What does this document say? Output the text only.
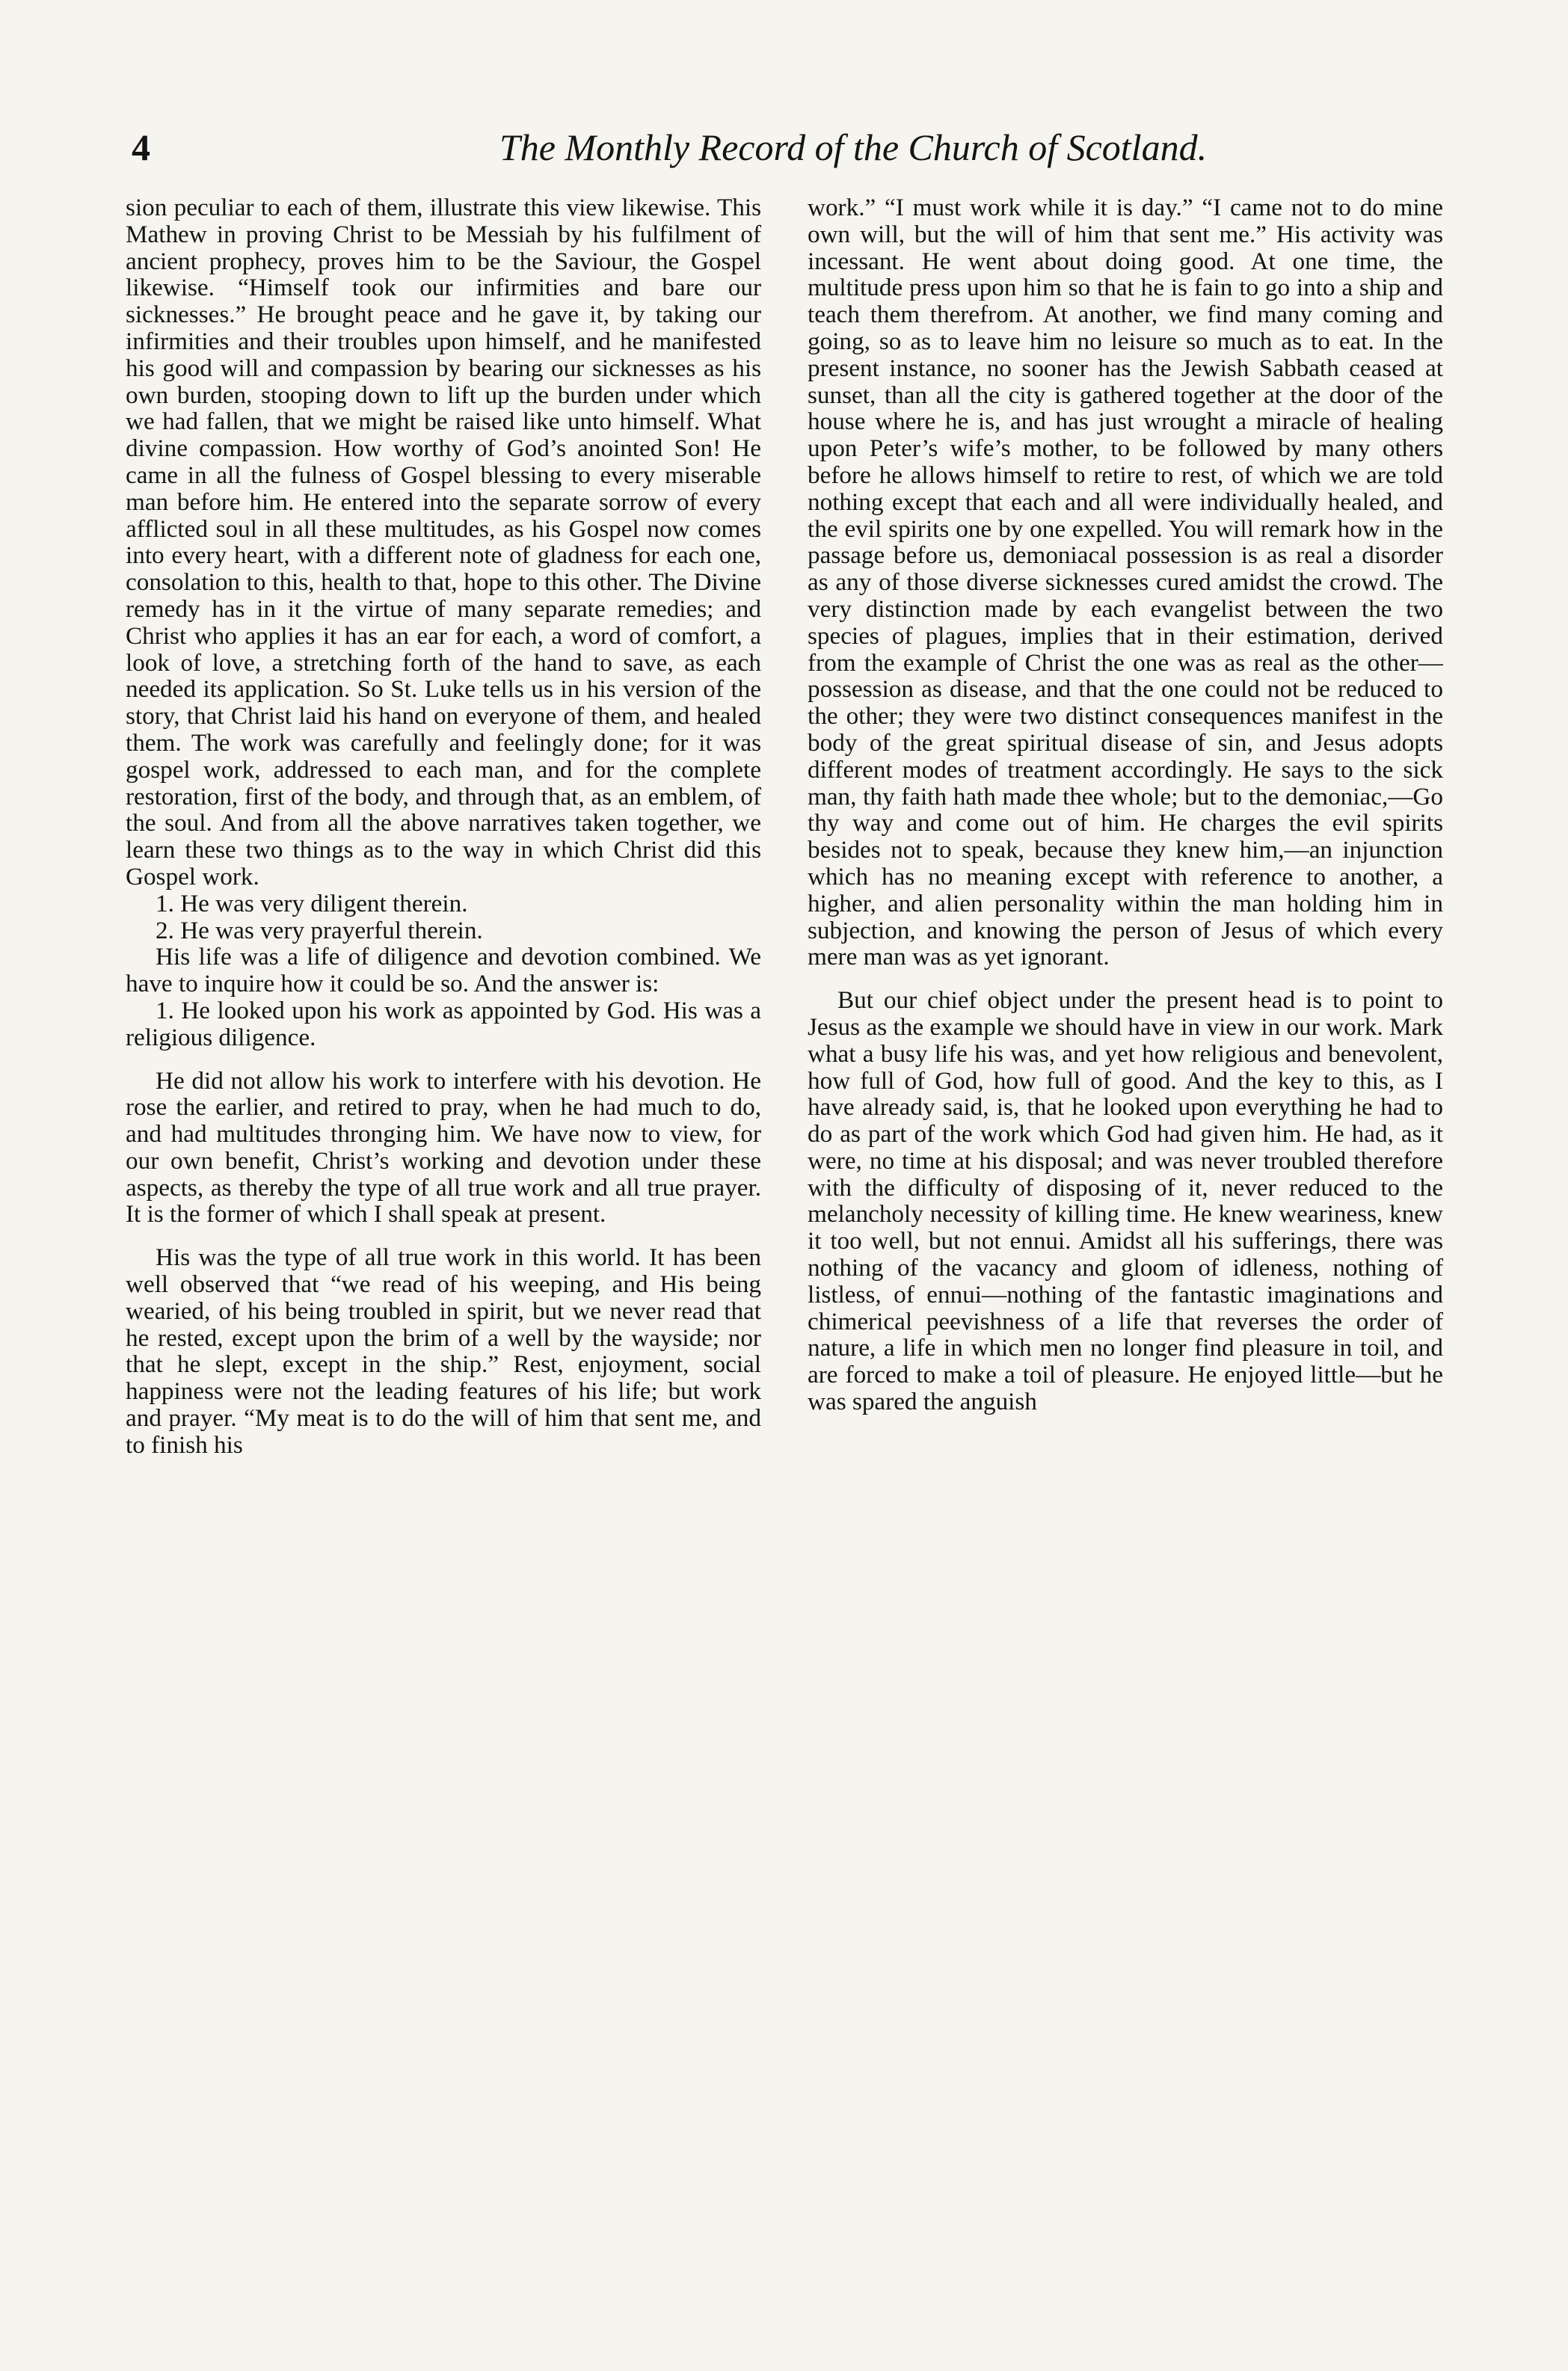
4	The Monthly Record of the Church of Scotland.

sion peculiar to each of them, illustrate this view likewise. This Mathew in proving Christ to be Messiah by his fulfilment of ancient prophecy, proves him to be the Saviour, the Gospel likewise. “Himself took our infirmities and bare our sicknesses.” He brought peace and he gave it, by taking our infirmities and their troubles upon himself, and he manifested his good will and compassion by bearing our sicknesses as his own burden, stooping down to lift up the burden under which we had fallen, that we might be raised like unto himself. What divine compassion. How worthy of God’s anointed Son! He came in all the fulness of Gospel blessing to every miserable man before him. He entered into the separate sorrow of every afflicted soul in all these multitudes, as his Gospel now comes into every heart, with a different note of gladness for each one, consolation to this, health to that, hope to this other. The Divine remedy has in it the virtue of many separate remedies; and Christ who applies it has an ear for each, a word of comfort, a look of love, a stretching forth of the hand to save, as each needed its application. So St. Luke tells us in his version of the story, that Christ laid his hand on everyone of them, and healed them. The work was carefully and feelingly done; for it was gospel work, addressed to each man, and for the complete restoration, first of the body, and through that, as an emblem, of the soul. And from all the above narratives taken together, we learn these two things as to the way in which Christ did this Gospel work.

1. He was very diligent therein.

2. He was very prayerful therein.

His life was a life of diligence and devotion combined. We have to inquire how it could be so. And the answer is:

1. He looked upon his work as appointed by God. His was a religious diligence.

He did not allow his work to interfere with his devotion. He rose the earlier, and retired to pray, when he had much to do, and had multitudes thronging him. We have now to view, for our own benefit, Christ’s working and devotion under these aspects, as thereby the type of all true work and all true prayer. It is the former of which I shall speak at present.

His was the type of all true work in this world. It has been well observed that “we read of his weeping, and His being wearied, of his being troubled in spirit, but we never read that he rested, except upon the brim of a well by the wayside; nor that he slept, except in the ship.” Rest, enjoyment, social happiness were not the leading features of his life; but work and prayer. “My meat is to do the will of him that sent me, and to finish his

work.” “I must work while it is day.” “I came not to do mine own will, but the will of him that sent me.” His activity was incessant. He went about doing good. At one time, the multitude press upon him so that he is fain to go into a ship and teach them therefrom. At another, we find many coming and going, so as to leave him no leisure so much as to eat. In the present instance, no sooner has the Jewish Sabbath ceased at sunset, than all the city is gathered together at the door of the house where he is, and has just wrought a miracle of healing upon Peter’s wife’s mother, to be followed by many others before he allows himself to retire to rest, of which we are told nothing except that each and all were individually healed, and the evil spirits one by one expelled. You will remark how in the passage before us, demoniacal possession is as real a disorder as any of those diverse sicknesses cured amidst the crowd. The very distinction made by each evangelist between the two species of plagues, implies that in their estimation, derived from the example of Christ the one was as real as the other—possession as disease, and that the one could not be reduced to the other; they were two distinct consequences manifest in the body of the great spiritual disease of sin, and Jesus adopts different modes of treatment accordingly. He says to the sick man, thy faith hath made thee whole; but to the demoniac,—Go thy way and come out of him. He charges the evil spirits besides not to speak, because they knew him,—an injunction which has no meaning except with reference to another, a higher, and alien personality within the man holding him in subjection, and knowing the person of Jesus of which every mere man was as yet ignorant.

But our chief object under the present head is to point to Jesus as the example we should have in view in our work. Mark what a busy life his was, and yet how religious and benevolent, how full of God, how full of good. And the key to this, as I have already said, is, that he looked upon everything he had to do as part of the work which God had given him. He had, as it were, no time at his disposal; and was never troubled therefore with the difficulty of disposing of it, never reduced to the melancholy necessity of killing time. He knew weariness, knew it too well, but not ennui. Amidst all his sufferings, there was nothing of the vacancy and gloom of idleness, nothing of listless, of ennui—nothing of the fantastic imaginations and chimerical peevishness of a life that reverses the order of nature, a life in which men no longer find pleasure in toil, and are forced to make a toil of pleasure. He enjoyed little—but he was spared the anguish
